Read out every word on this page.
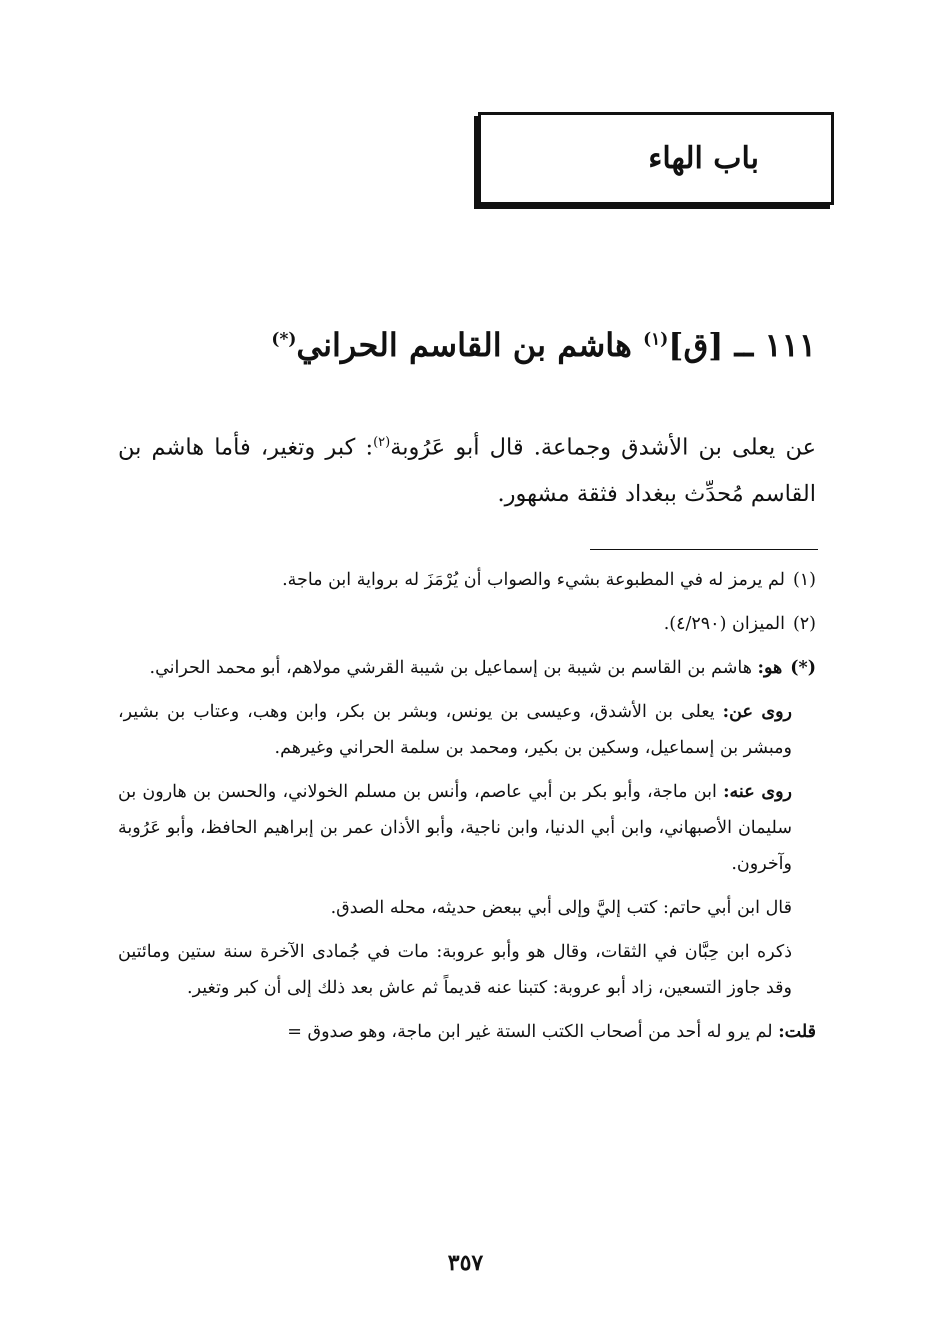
باب الهاء
١١١ ــ [ق]$^{(١)}$ هاشم بن القاسم الحراني(*)

عن يعلى بن الأشدق وجماعة. قال أبو عَرُوبة$^{(٢)}$: كبر وتغير، فأما هاشم بن القاسم مُحدِّث ببغداد فثقة مشهور.

(١)لم يرمز له في المطبوعة بشيء والصواب أن يُرْمَزَ له برواية ابن ماجة.

(٢)الميزان (٤/٢٩٠).

(*)هو: هاشم بن القاسم بن شيبة بن إسماعيل بن شيبة القرشي مولاهم، أبو محمد الحراني.

روى عن: يعلى بن الأشدق، وعيسى بن يونس، وبشر بن بكر، وابن وهب، وعتاب بن بشير، ومبشر بن إسماعيل، وسكين بن بكير، ومحمد بن سلمة الحراني وغيرهم.

روى عنه: ابن ماجة، وأبو بكر بن أبي عاصم، وأنس بن مسلم الخولاني، والحسن بن هارون بن سليمان الأصبهاني، وابن أبي الدنيا، وابن ناجية، وأبو الأذان عمر بن إبراهيم الحافظ، وأبو عَرُوبة وآخرون.

قال ابن أبي حاتم: كتب إليَّ وإلى أبي ببعض حديثه، محله الصدق.

ذكره ابن حِبَّان في الثقات، وقال هو وأبو عروبة: مات في جُمادى الآخرة سنة ستين ومائتين وقد جاوز التسعين، زاد أبو عروبة: كتبنا عنه قديماً ثم عاش بعد ذلك إلى أن كبر وتغير.

قلت: لم يرو له أحد من أصحاب الكتب الستة غير ابن ماجة، وهو صدوق =

٣٥٧
